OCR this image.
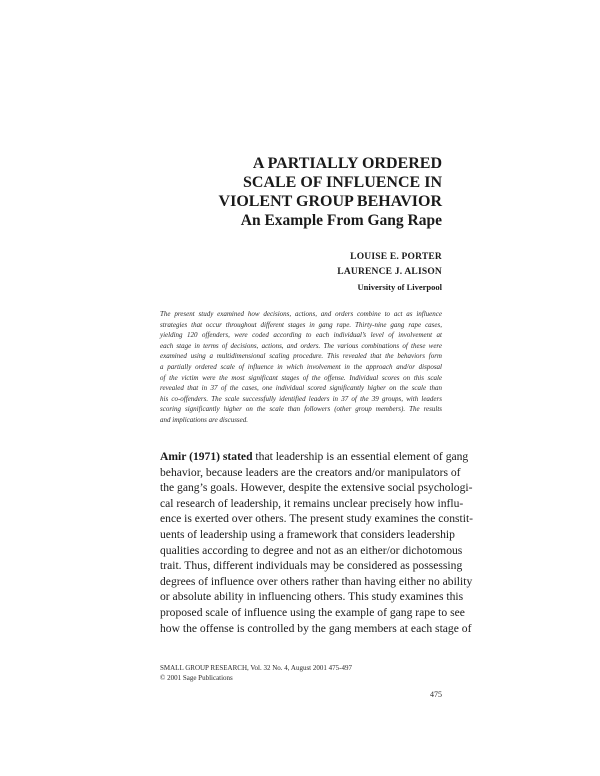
A PARTIALLY ORDERED
SCALE OF INFLUENCE IN
VIOLENT GROUP BEHAVIOR
An Example From Gang Rape
LOUISE E. PORTER
LAURENCE J. ALISON
University of Liverpool
The present study examined how decisions, actions, and orders combine to act as influence
strategies that occur throughout different stages in gang rape. Thirty-nine gang rape cases,
yielding 120 offenders, were coded according to each individual’s level of involvement at
each stage in terms of decisions, actions, and orders. The various combinations of these were
examined using a multidimensional scaling procedure. This revealed that the behaviors form
a partially ordered scale of influence in which involvement in the approach and/or disposal
of the victim were the most significant stages of the offense. Individual scores on this scale
revealed that in 37 of the cases, one individual scored significantly higher on the scale than
his co-offenders. The scale successfully identified leaders in 37 of the 39 groups, with leaders
scoring significantly higher on the scale than followers (other group members). The results
and implications are discussed.
Amir (1971) stated that leadership is an essential element of gang
behavior, because leaders are the creators and/or manipulators of
the gang’s goals. However, despite the extensive social psychologi-
cal research of leadership, it remains unclear precisely how influ-
ence is exerted over others. The present study examines the constit-
uents of leadership using a framework that considers leadership
qualities according to degree and not as an either/or dichotomous
trait. Thus, different individuals may be considered as possessing
degrees of influence over others rather than having either no ability
or absolute ability in influencing others. This study examines this
proposed scale of influence using the example of gang rape to see
how the offense is controlled by the gang members at each stage of
SMALL GROUP RESEARCH, Vol. 32 No. 4, August 2001 475-497
© 2001 Sage Publications
475
